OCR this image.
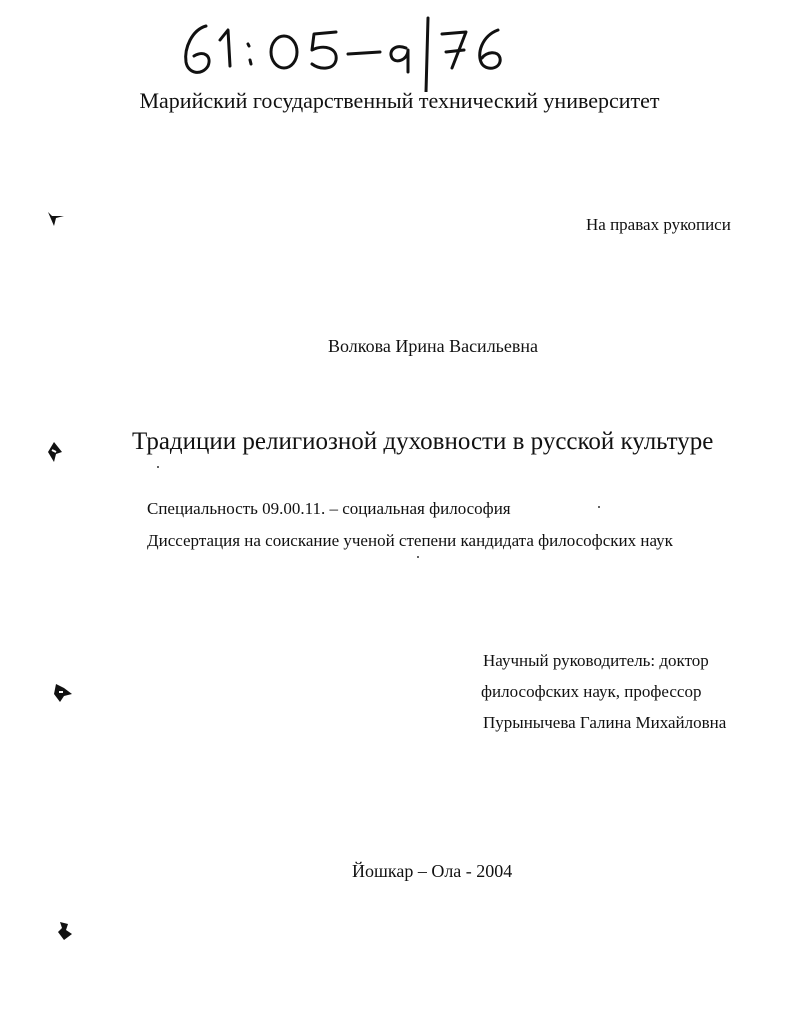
Марийский государственный технический университет
На правах рукописи
Волкова Ирина Васильевна
Традиции религиозной духовности в русской культуре
Специальность 09.00.11. – социальная философия
Диссертация на соискание ученой степени кандидата философских наук
Научный руководитель: доктор
философских наук, профессор
Пурынычева Галина Михайловна
Йошкар – Ола - 2004
